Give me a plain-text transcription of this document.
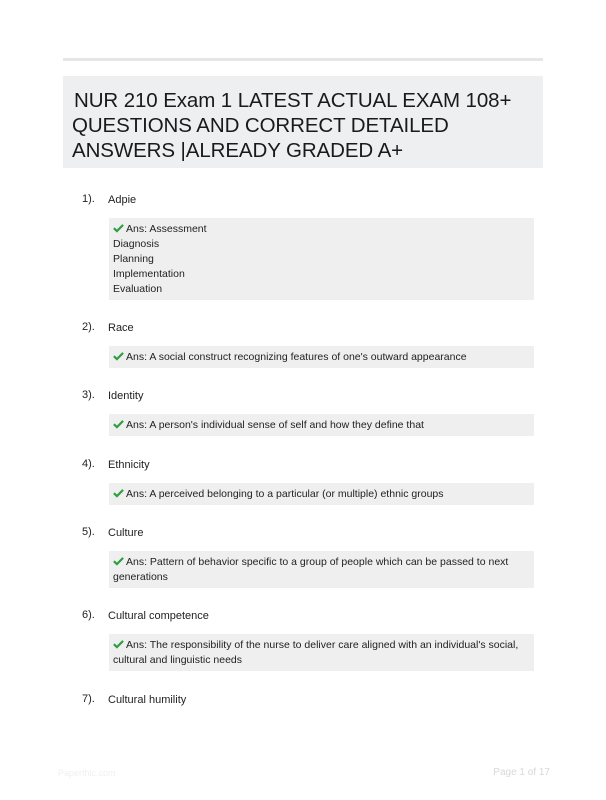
NUR 210 Exam 1 LATEST ACTUAL EXAM 108+
QUESTIONS AND CORRECT DETAILED
ANSWERS |ALREADY GRADED A+
1). Adpie
Ans: Assessment
Diagnosis
Planning
Implementation
Evaluation
2). Race
Ans: A social construct recognizing features of one's outward appearance
3). Identity
Ans: A person's individual sense of self and how they define that
4). Ethnicity
Ans: A perceived belonging to a particular (or multiple) ethnic groups
5). Culture
Ans: Pattern of behavior specific to a group of people which can be passed to next
generations
6). Cultural competence
Ans: The responsibility of the nurse to deliver care aligned with an individual's social,
cultural and linguistic needs
7). Cultural humility
Paperthic.com	Page 1 of 17
